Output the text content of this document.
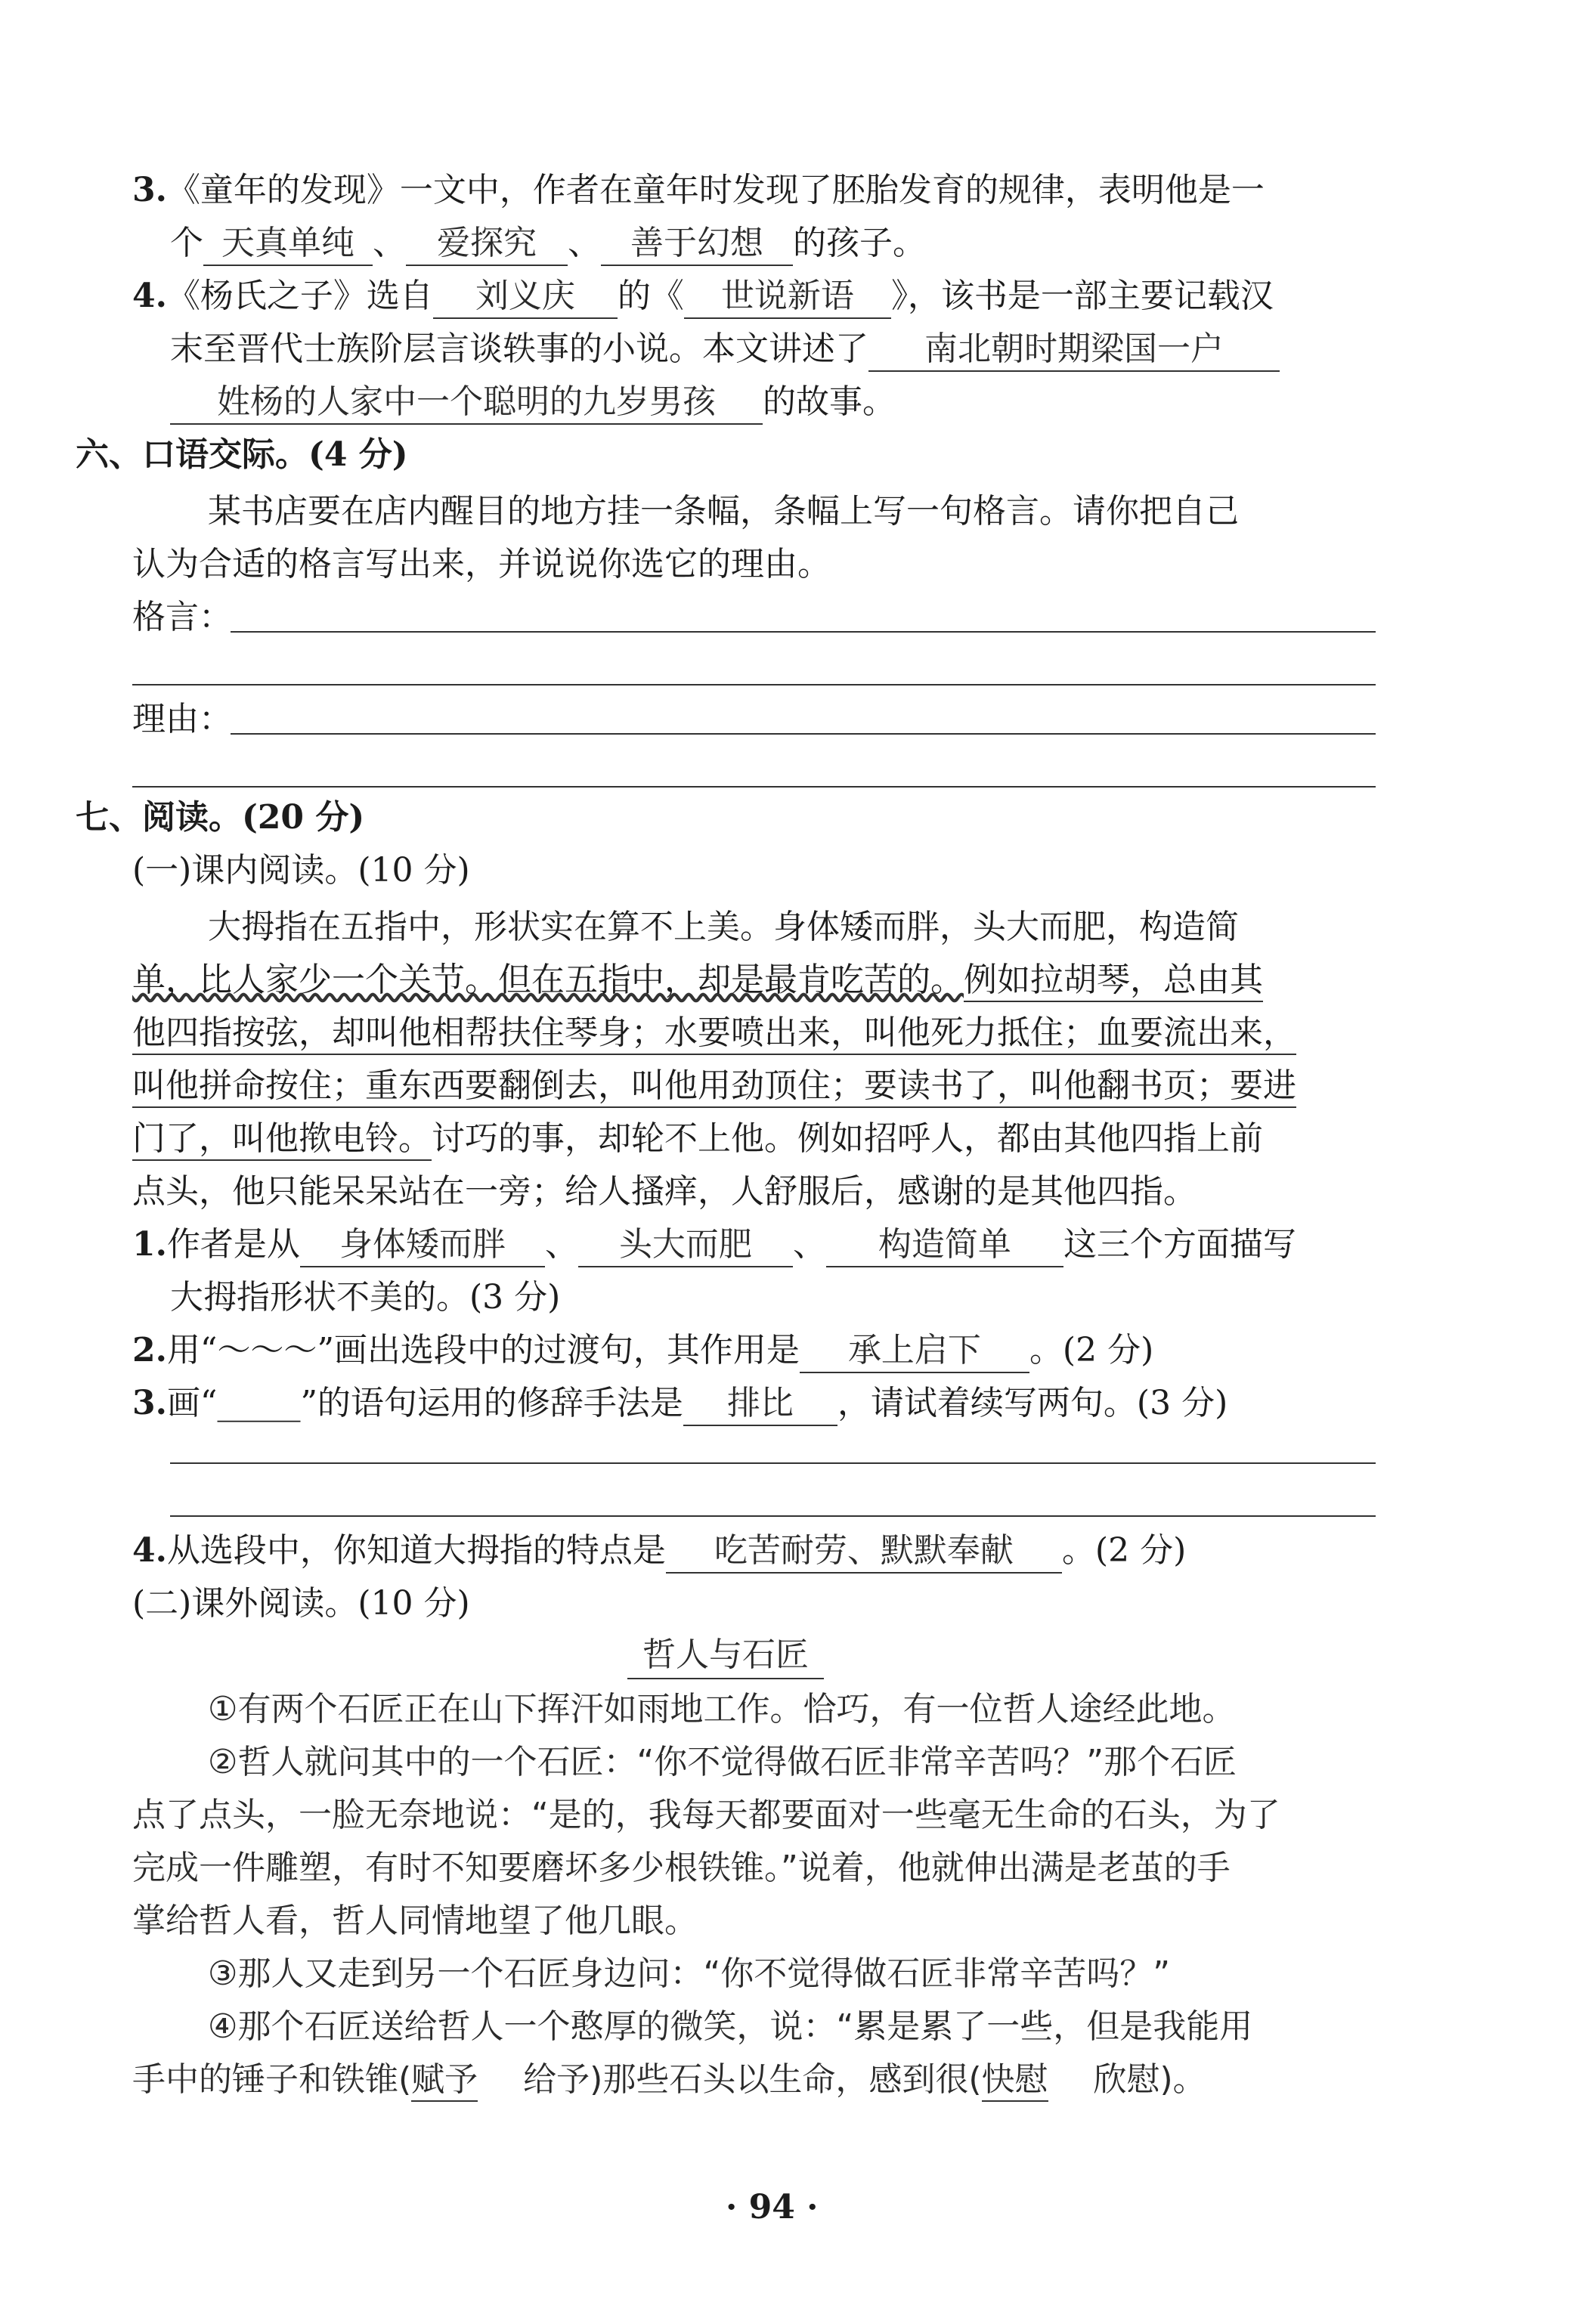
3.《童年的发现》一文中，作者在童年时发现了胚胎发育的规律，表明他是一
个 天真单纯 、 爱探究 、 善于幻想 的孩子。
4.《杨氏之子》选自 刘义庆 的《 世说新语 》，该书是一部主要记载汉
末至晋代士族阶层言谈轶事的小说。本文讲述了 南北朝时期梁国一户
姓杨的人家中一个聪明的九岁男孩 的故事。
六、口语交际。(4 分)
某书店要在店内醒目的地方挂一条幅，条幅上写一句格言。请你把自己
认为合适的格言写出来，并说说你选它的理由。
格言：
理由：
七、阅读。(20 分)
(一)课内阅读。(10 分)
大拇指在五指中，形状实在算不上美。身体矮而胖，头大而肥，构造简
单，比人家少一个关节。但在五指中，却是最肯吃苦的。例如拉胡琴，总由其
他四指按弦，却叫他相帮扶住琴身；水要喷出来，叫他死力抵住；血要流出来，
叫他拼命按住；重东西要翻倒去，叫他用劲顶住；要读书了，叫他翻书页；要进
门了，叫他揿电铃。讨巧的事，却轮不上他。例如招呼人，都由其他四指上前
点头，他只能呆呆站在一旁；给人搔痒，人舒服后，感谢的是其他四指。
1.作者是从 身体矮而胖 、 头大而肥 、 构造简单 这三个方面描写
大拇指形状不美的。(3 分)
2.用“～～～”画出选段中的过渡句，其作用是 承上启下 。(2 分)
3.画“_____”的语句运用的修辞手法是 排比 ，请试着续写两句。(3 分)
4.从选段中，你知道大拇指的特点是 吃苦耐劳、默默奉献 。(2 分)
(二)课外阅读。(10 分)
哲人与石匠
①有两个石匠正在山下挥汗如雨地工作。恰巧，有一位哲人途经此地。
②哲人就问其中的一个石匠：“你不觉得做石匠非常辛苦吗？”那个石匠
点了点头，一脸无奈地说：“是的，我每天都要面对一些毫无生命的石头，为了
完成一件雕塑，有时不知要磨坏多少根铁锥。”说着，他就伸出满是老茧的手
掌给哲人看，哲人同情地望了他几眼。
③那人又走到另一个石匠身边问：“你不觉得做石匠非常辛苦吗？”
④那个石匠送给哲人一个憨厚的微笑，说：“累是累了一些，但是我能用
手中的锤子和铁锥(赋予 给予)那些石头以生命，感到很(快慰 欣慰)。
· 94 ·
